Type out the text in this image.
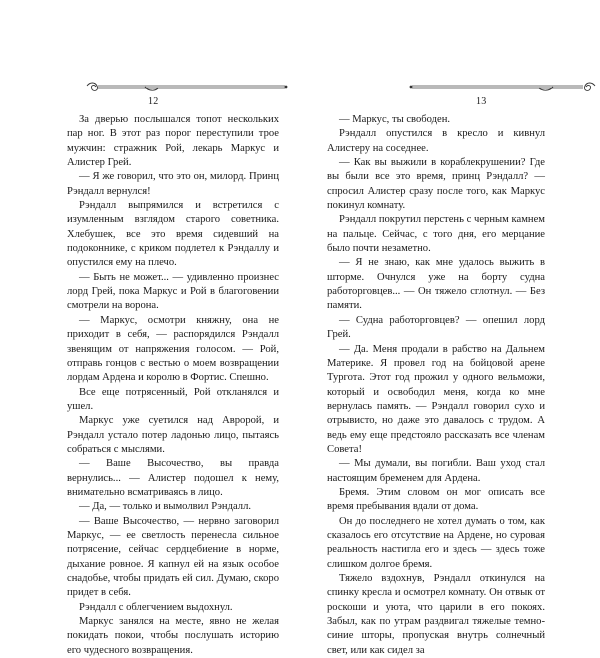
12

За дверью послышался топот нескольких пар ног. В этот раз порог переступили трое мужчин: стражник Рой, лекарь Маркус и Алистер Грей.

— Я же говорил, что это он, милорд. Принц Рэндалл вернулся!

Рэндалл выпрямился и встретился с изумленным взглядом старого советника. Хлебушек, все это время сидевший на подоконнике, с криком подлетел к Рэндаллу и опустился ему на плечо.

— Быть не может... — удивленно произнес лорд Грей, пока Маркус и Рой в благоговении смотрели на ворона.

— Маркус, осмотри княжну, она не приходит в себя, — распорядился Рэндалл звенящим от напряжения голосом. — Рой, отправь гонцов с вестью о моем возвращении лордам Ардена и королю в Фортис. Спешно.

Все еще потрясенный, Рой откланялся и ушел.

Маркус уже суетился над Авророй, и Рэндалл устало потер ладонью лицо, пытаясь собраться с мыслями.

— Ваше Высочество, вы правда вернулись... — Алистер подошел к нему, внимательно всматриваясь в лицо.

— Да, — только и вымолвил Рэндалл.

— Ваше Высочество, — нервно заговорил Маркус, — ее светлость перенесла сильное потрясение, сейчас сердцебиение в норме, дыхание ровное. Я капнул ей на язык особое снадобье, чтобы придать ей сил. Думаю, скоро придет в себя.

Рэндалл с облегчением выдохнул.

Маркус занялся на месте, явно не желая покидать покои, чтобы послушать историю его чудесного возвращения.

13

— Маркус, ты свободен.

Рэндалл опустился в кресло и кивнул Алистеру на соседнее.

— Как вы выжили в кораблекрушении? Где вы были все это время, принц Рэндалл? — спросил Алистер сразу после того, как Маркус покинул комнату.

Рэндалл покрутил перстень с черным камнем на пальце. Сейчас, с того дня, его мерцание было почти незаметно.

— Я не знаю, как мне удалось выжить в шторме. Очнулся уже на борту судна работорговцев... — Он тяжело сглотнул. — Без памяти.

— Судна работорговцев? — опешил лорд Грей.

— Да. Меня продали в рабство на Дальнем Материке. Я провел год на бойцовой арене Тургота. Этот год прожил у одного вельможи, который и освободил меня, когда ко мне вернулась память. — Рэндалл говорил сухо и отрывисто, но даже это давалось с трудом. А ведь ему еще предстояло рассказать все членам Совета!

— Мы думали, вы погибли. Ваш уход стал настоящим бременем для Ардена.

Бремя. Этим словом он мог описать все время пребывания вдали от дома.

Он до последнего не хотел думать о том, как сказалось его отсутствие на Ардене, но суровая реальность настигла его и здесь — здесь тоже слишком долгое бремя.

Тяжело вздохнув, Рэндалл откинулся на спинку кресла и осмотрел комнату. Он отвык от роскоши и уюта, что царили в его покоях. Забыл, как по утрам раздвигал тяжелые темно-синие шторы, пропуская внутрь солнечный свет, или как сидел за
